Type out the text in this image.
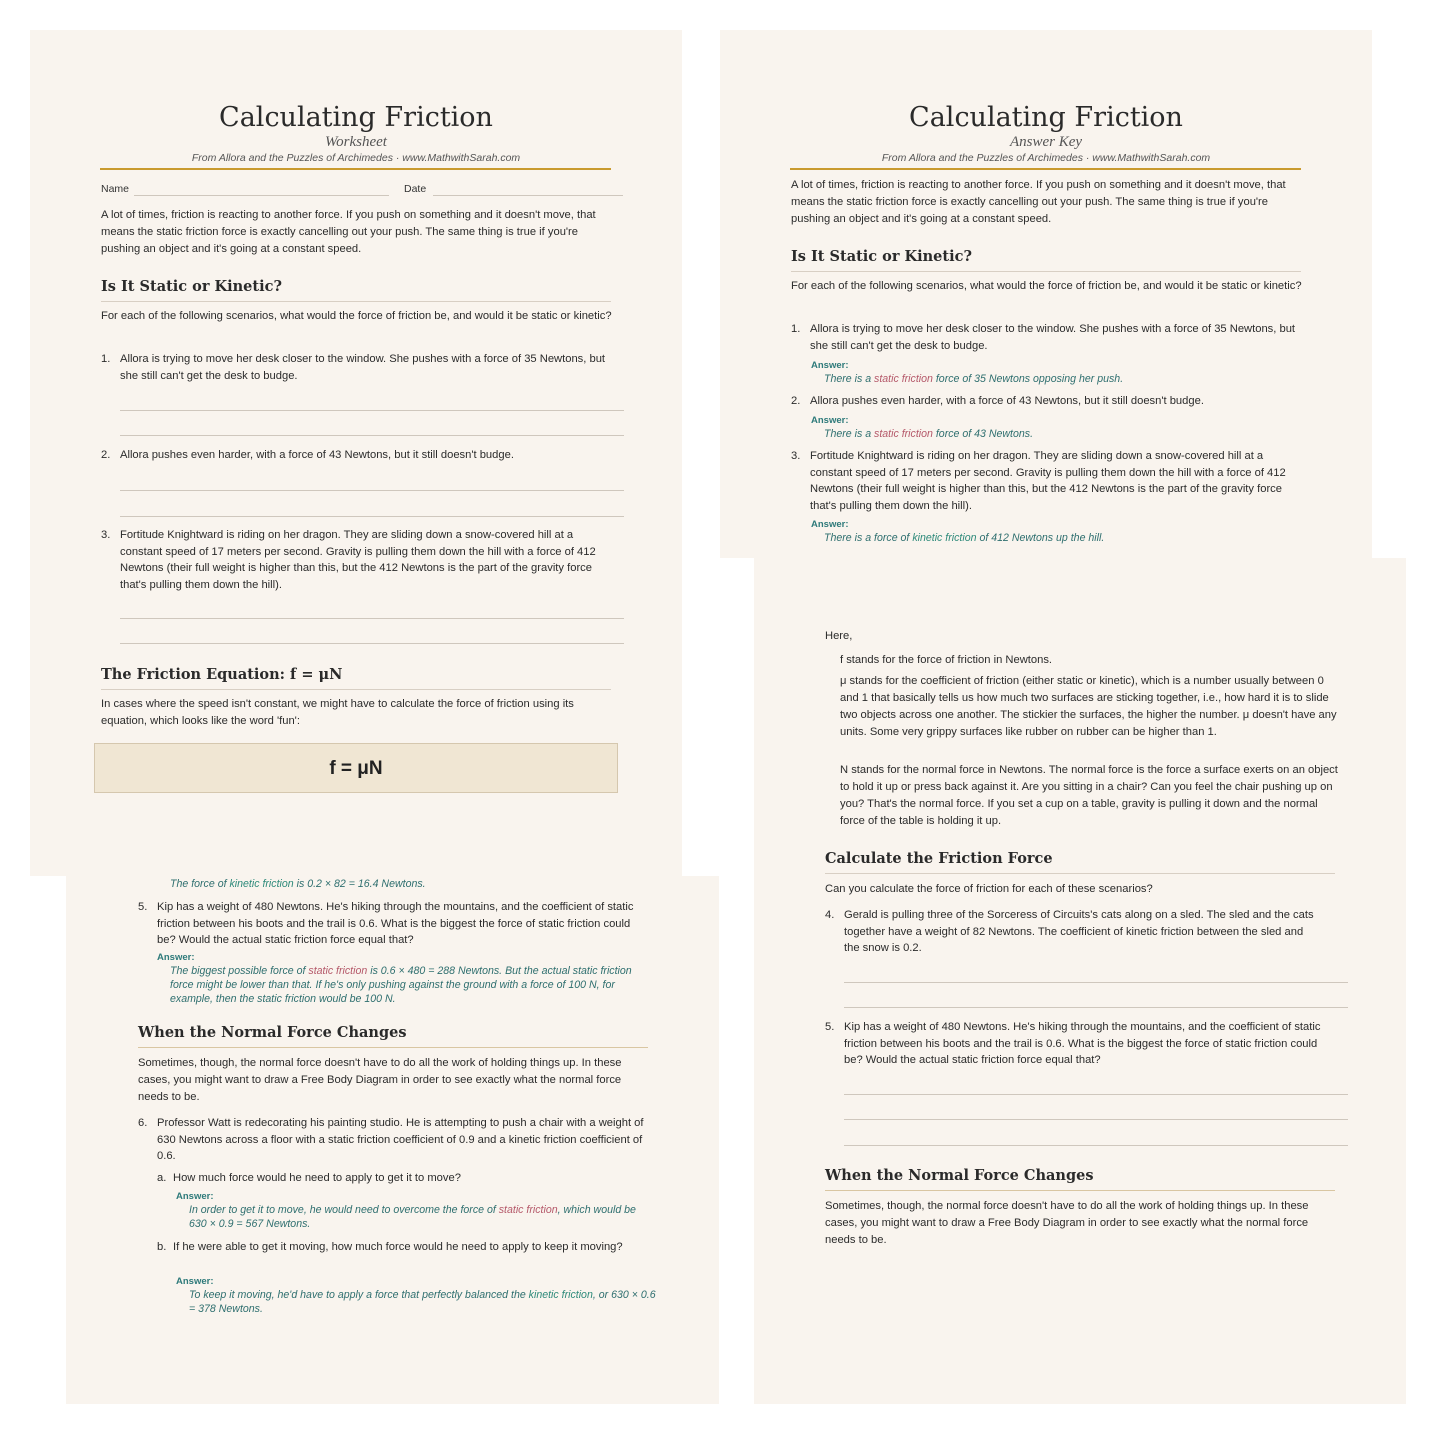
The force of kinetic friction is 0.2 × 82 = 16.4 Newtons.
5. Kip has a weight of 480 Newtons. He's hiking through the mountains, and the coefficient of static friction between his boots and the trail is 0.6. What is the biggest the force of static friction could be? Would the actual static friction force equal that?
Answer:
The biggest possible force of static friction is 0.6 × 480 = 288 Newtons. But the actual static friction force might be lower than that. If he's only pushing against the ground with a force of 100 N, for example, then the static friction would be 100 N.
When the Normal Force Changes
Sometimes, though, the normal force doesn't have to do all the work of holding things up. In these cases, you might want to draw a Free Body Diagram in order to see exactly what the normal force needs to be.
6. Professor Watt is redecorating his painting studio. He is attempting to push a chair with a weight of 630 Newtons across a floor with a static friction coefficient of 0.9 and a kinetic friction coefficient of 0.6.
a. How much force would he need to apply to get it to move?
Answer:
In order to get it to move, he would need to overcome the force of static friction, which would be 630 × 0.9 = 567 Newtons.
b. If he were able to get it moving, how much force would he need to apply to keep it moving?
Answer:
To keep it moving, he'd have to apply a force that perfectly balanced the kinetic friction, or 630 × 0.6 = 378 Newtons.
Here,
f stands for the force of friction in Newtons.
μ stands for the coefficient of friction (either static or kinetic), which is a number usually between 0 and 1 that basically tells us how much two surfaces are sticking together, i.e., how hard it is to slide two objects across one another. The stickier the surfaces, the higher the number. μ doesn't have any units. Some very grippy surfaces like rubber on rubber can be higher than 1.
N stands for the normal force in Newtons. The normal force is the force a surface exerts on an object to hold it up or press back against it. Are you sitting in a chair? Can you feel the chair pushing up on you? That's the normal force. If you set a cup on a table, gravity is pulling it down and the normal force of the table is holding it up.
Calculate the Friction Force
Can you calculate the force of friction for each of these scenarios?
4. Gerald is pulling three of the Sorceress of Circuits's cats along on a sled. The sled and the cats together have a weight of 82 Newtons. The coefficient of kinetic friction between the sled and the snow is 0.2.
5. Kip has a weight of 480 Newtons. He's hiking through the mountains, and the coefficient of static friction between his boots and the trail is 0.6. What is the biggest the force of static friction could be? Would the actual static friction force equal that?
When the Normal Force Changes
Sometimes, though, the normal force doesn't have to do all the work of holding things up. In these cases, you might want to draw a Free Body Diagram in order to see exactly what the normal force needs to be.
Calculating Friction
Worksheet
From Allora and the Puzzles of Archimedes · www.MathwithSarah.com
Name	Date
A lot of times, friction is reacting to another force. If you push on something and it doesn't move, that means the static friction force is exactly cancelling out your push. The same thing is true if you're pushing an object and it's going at a constant speed.
Is It Static or Kinetic?
For each of the following scenarios, what would the force of friction be, and would it be static or kinetic?
1. Allora is trying to move her desk closer to the window. She pushes with a force of 35 Newtons, but she still can't get the desk to budge.
2. Allora pushes even harder, with a force of 43 Newtons, but it still doesn't budge.
3. Fortitude Knightward is riding on her dragon. They are sliding down a snow-covered hill at a constant speed of 17 meters per second. Gravity is pulling them down the hill with a force of 412 Newtons (their full weight is higher than this, but the 412 Newtons is the part of the gravity force that's pulling them down the hill).
The Friction Equation: f = μN
In cases where the speed isn't constant, we might have to calculate the force of friction using its equation, which looks like the word 'fun':
f = μN
Calculating Friction
Answer Key
From Allora and the Puzzles of Archimedes · www.MathwithSarah.com
A lot of times, friction is reacting to another force. If you push on something and it doesn't move, that means the static friction force is exactly cancelling out your push. The same thing is true if you're pushing an object and it's going at a constant speed.
Is It Static or Kinetic?
For each of the following scenarios, what would the force of friction be, and would it be static or kinetic?
1. Allora is trying to move her desk closer to the window. She pushes with a force of 35 Newtons, but she still can't get the desk to budge.
Answer:
There is a static friction force of 35 Newtons opposing her push.
2. Allora pushes even harder, with a force of 43 Newtons, but it still doesn't budge.
Answer:
There is a static friction force of 43 Newtons.
3. Fortitude Knightward is riding on her dragon. They are sliding down a snow-covered hill at a constant speed of 17 meters per second. Gravity is pulling them down the hill with a force of 412 Newtons (their full weight is higher than this, but the 412 Newtons is the part of the gravity force that's pulling them down the hill).
Answer:
There is a force of kinetic friction of 412 Newtons up the hill.
